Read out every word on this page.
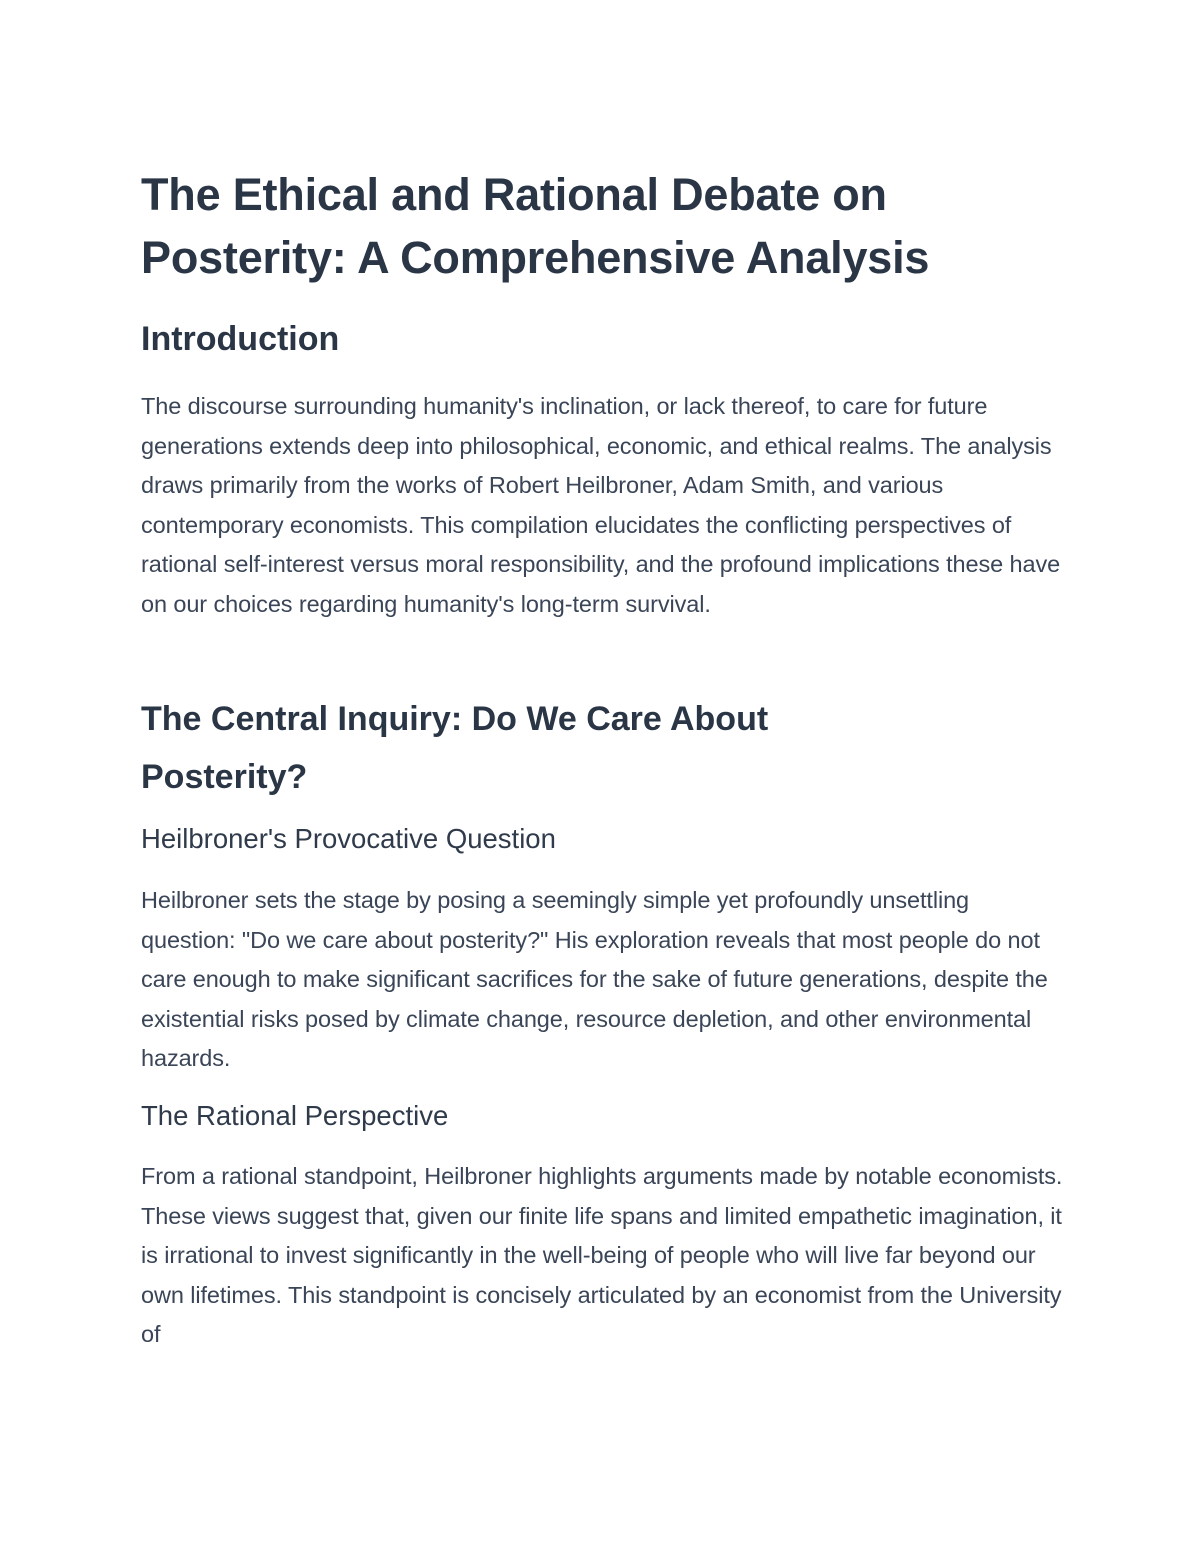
The Ethical and Rational Debate on Posterity: A Comprehensive Analysis
Introduction

The discourse surrounding humanity's inclination, or lack thereof, to care for future generations extends deep into philosophical, economic, and ethical realms. The analysis draws primarily from the works of Robert Heilbroner, Adam Smith, and various contemporary economists. This compilation elucidates the conflicting perspectives of rational self-interest versus moral responsibility, and the profound implications these have on our choices regarding humanity's long-term survival.

The Central Inquiry: Do We Care About Posterity?
Heilbroner's Provocative Question

Heilbroner sets the stage by posing a seemingly simple yet profoundly unsettling question: "Do we care about posterity?" His exploration reveals that most people do not care enough to make significant sacrifices for the sake of future generations, despite the existential risks posed by climate change, resource depletion, and other environmental hazards.

The Rational Perspective

From a rational standpoint, Heilbroner highlights arguments made by notable economists. These views suggest that, given our finite life spans and limited empathetic imagination, it is irrational to invest significantly in the well-being of people who will live far beyond our own lifetimes. This standpoint is concisely articulated by an economist from the University of
